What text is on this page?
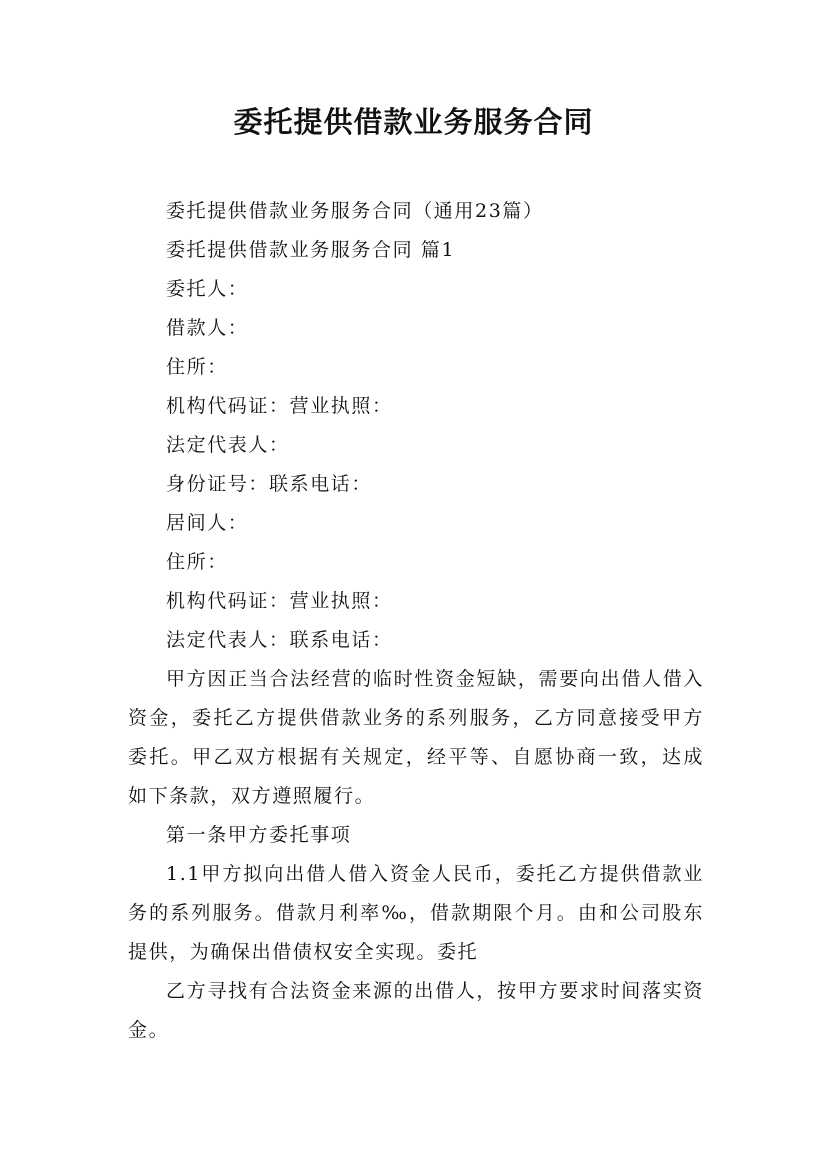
委托提供借款业务服务合同

委托提供借款业务服务合同（通用23篇）

委托提供借款业务服务合同 篇1

委托人：

借款人：

住所：

机构代码证：营业执照：

法定代表人：

身份证号：联系电话：

居间人：

住所：

机构代码证：营业执照：

法定代表人：联系电话：

甲方因正当合法经营的临时性资金短缺，需要向出借人借入资金，委托乙方提供借款业务的系列服务，乙方同意接受甲方委托。甲乙双方根据有关规定，经平等、自愿协商一致，达成如下条款，双方遵照履行。

第一条甲方委托事项

1.1甲方拟向出借人借入资金人民币，委托乙方提供借款业务的系列服务。借款月利率‰，借款期限个月。由和公司股东提供，为确保出借债权安全实现。委托

乙方寻找有合法资金来源的出借人，按甲方要求时间落实资金。
